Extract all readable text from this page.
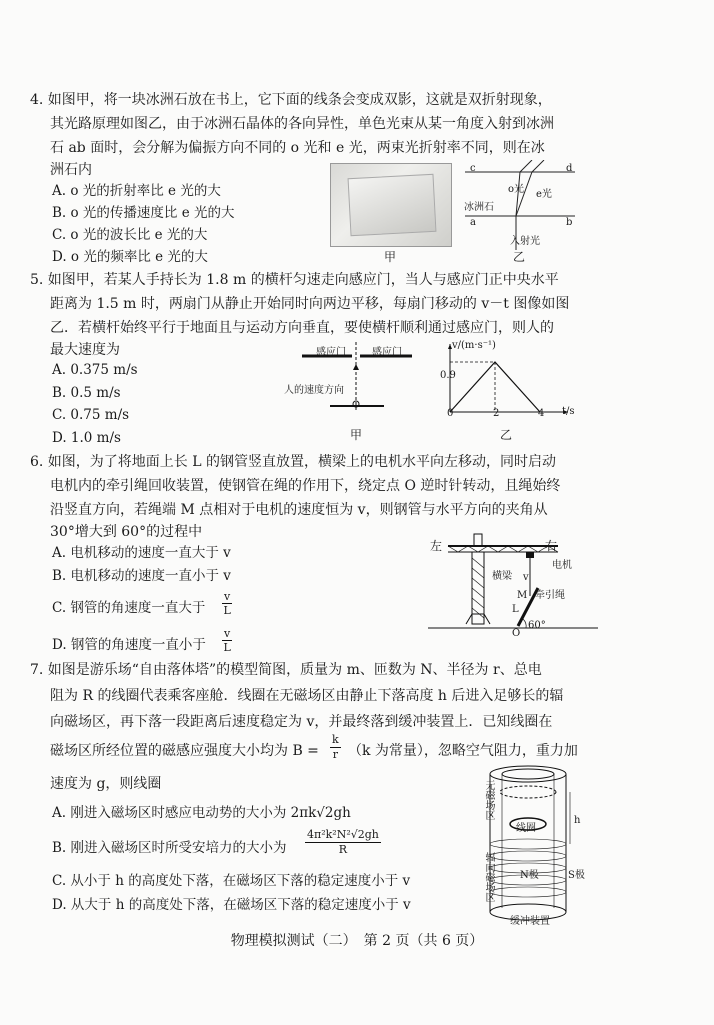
4. 如图甲，将一块冰洲石放在书上，它下面的线条会变成双影，这就是双折射现象，
其光路原理如图乙，由于冰洲石晶体的各向异性，单色光束从某一角度入射到冰洲
石 ab 面时，会分解为偏振方向不同的 o 光和 e 光，两束光折射率不同，则在冰
洲石内
A. o 光的折射率比 e 光的大
B. o 光的传播速度比 e 光的大
C. o 光的波长比 e 光的大
D. o 光的频率比 e 光的大	甲
c	d
a	b
o光 e光
冰洲石
入射光
乙
5. 如图甲，若某人手持长为 1.8 m 的横杆匀速走向感应门，当人与感应门正中央水平
距离为 1.5 m 时，两扇门从静止开始同时向两边平移，每扇门移动的 v－t 图像如图
乙．若横杆始终平行于地面且与运动方向垂直，要使横杆顺利通过感应门，则人的
最大速度为
A. 0.375 m/s
B. 0.5 m/s
C. 0.75 m/s
D. 1.0 m/s
感应门	感应门
人的速度方向
甲
v/(m·s⁻¹)
0.9
0	2	4 t/s
乙
6. 如图，为了将地面上长 L 的钢管竖直放置，横梁上的电机水平向左移动，同时启动
电机内的牵引绳回收装置，使钢管在绳的作用下，绕定点 O 逆时针转动，且绳始终
沿竖直方向，若绳端 M 点相对于电机的速度恒为 v，则钢管与水平方向的夹角从
30°增大到 60°的过程中
A. 电机移动的速度一直大于 v
B. 电机移动的速度一直小于 v
C. 钢管的角速度一直大于
v
L
D. 钢管的角速度一直小于
v
L
左	右
电机
横梁
牵引绳
v
M
L
O
60°
7. 如图是游乐场“自由落体塔”的模型简图，质量为 m、匝数为 N、半径为 r、总电
阻为 R 的线圈代表乘客座舱．线圈在无磁场区由静止下落高度 h 后进入足够长的辐
向磁场区，再下落一段距离后速度稳定为 v，并最终落到缓冲装置上．已知线圈在
磁场区所经位置的磁感应强度大小均为 B =
k
r （k 为常量），忽略空气阻力，重力加
速度为 g，则线圈
A. 刚进入磁场区时感应电动势的大小为 2πk√2gh
B. 刚进入磁场区时所受安培力的大小为
4π²k²N²√2gh
R
C. 从小于 h 的高度处下落，在磁场区下落的稳定速度小于 v
D. 从大于 h 的高度处下落，在磁场区下落的稳定速度小于 v
无磁场区
线圈
h
辐向磁场区	N极	S极
缓冲装置
物理模拟测试（二）　第 2 页（共 6 页）
